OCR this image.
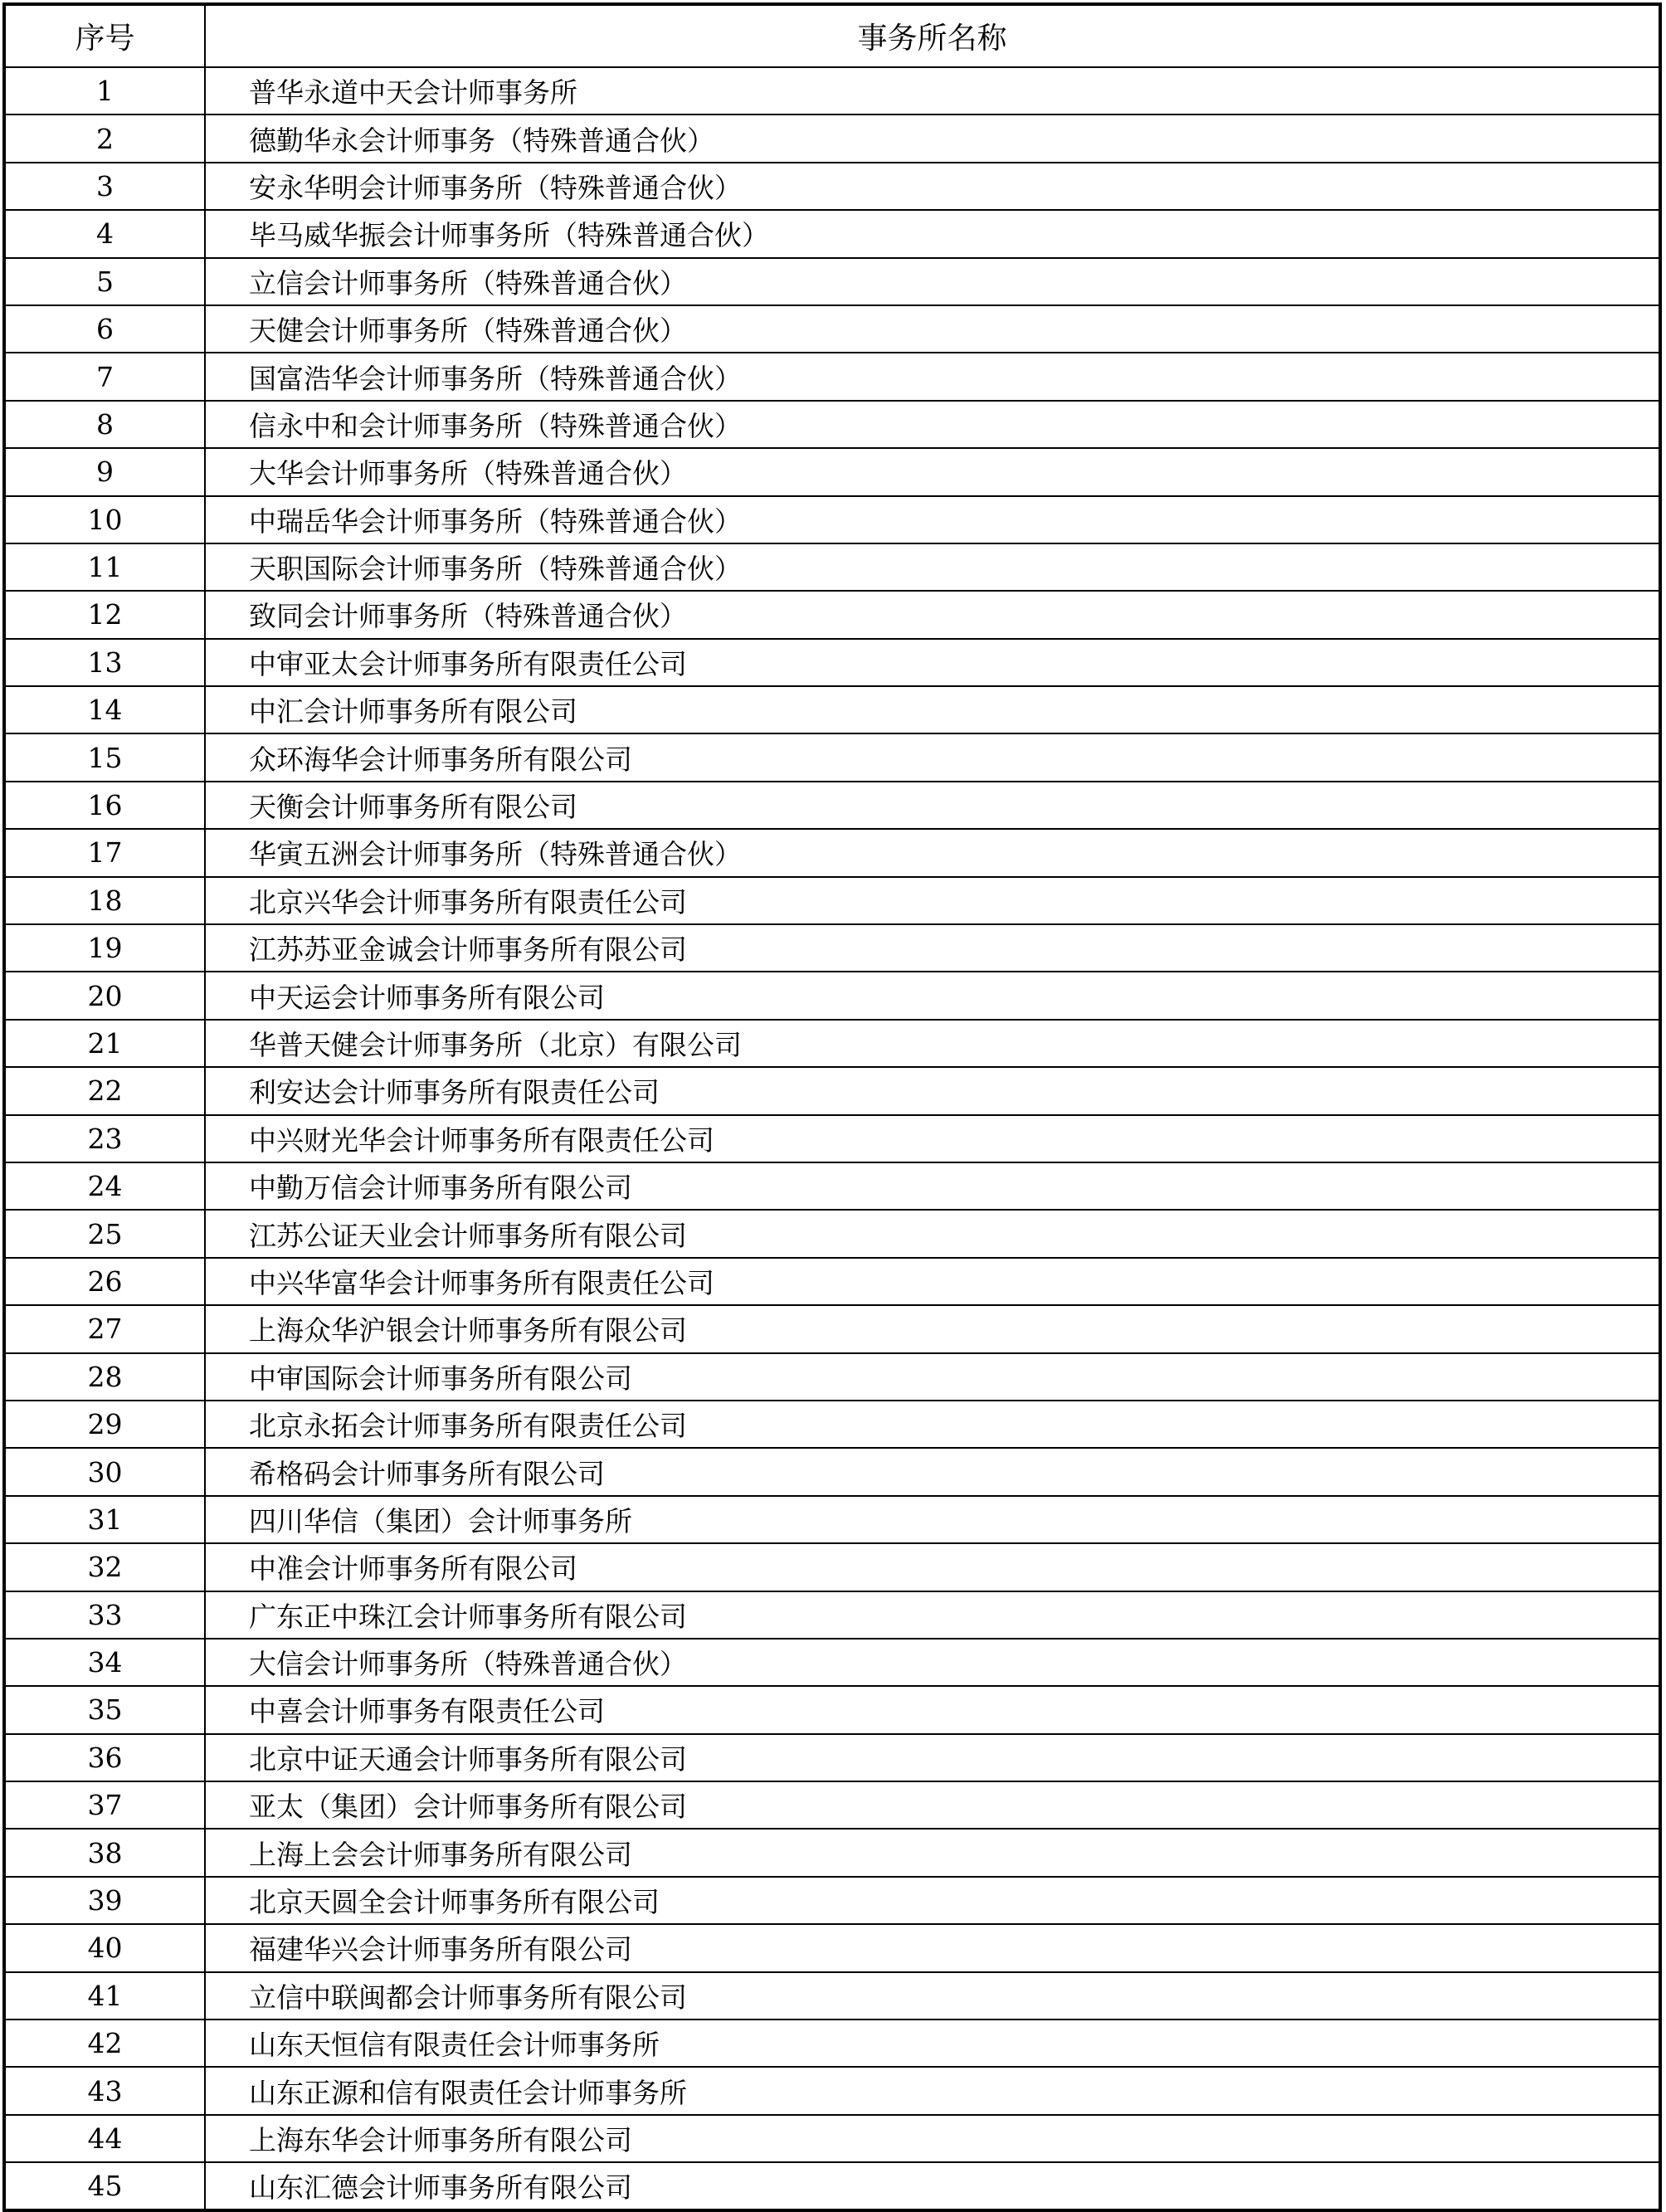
序号	事务所名称
1	普华永道中天会计师事务所
2	德勤华永会计师事务（特殊普通合伙）
3	安永华明会计师事务所（特殊普通合伙）
4	毕马威华振会计师事务所（特殊普通合伙）
5	立信会计师事务所（特殊普通合伙）
6	天健会计师事务所（特殊普通合伙）
7	国富浩华会计师事务所（特殊普通合伙）
8	信永中和会计师事务所（特殊普通合伙）
9	大华会计师事务所（特殊普通合伙）
10	中瑞岳华会计师事务所（特殊普通合伙）
11	天职国际会计师事务所（特殊普通合伙）
12	致同会计师事务所（特殊普通合伙）
13	中审亚太会计师事务所有限责任公司
14	中汇会计师事务所有限公司
15	众环海华会计师事务所有限公司
16	天衡会计师事务所有限公司
17	华寅五洲会计师事务所（特殊普通合伙）
18	北京兴华会计师事务所有限责任公司
19	江苏苏亚金诚会计师事务所有限公司
20	中天运会计师事务所有限公司
21	华普天健会计师事务所（北京）有限公司
22	利安达会计师事务所有限责任公司
23	中兴财光华会计师事务所有限责任公司
24	中勤万信会计师事务所有限公司
25	江苏公证天业会计师事务所有限公司
26	中兴华富华会计师事务所有限责任公司
27	上海众华沪银会计师事务所有限公司
28	中审国际会计师事务所有限公司
29	北京永拓会计师事务所有限责任公司
30	希格码会计师事务所有限公司
31	四川华信（集团）会计师事务所
32	中准会计师事务所有限公司
33	广东正中珠江会计师事务所有限公司
34	大信会计师事务所（特殊普通合伙）
35	中喜会计师事务有限责任公司
36	北京中证天通会计师事务所有限公司
37	亚太（集团）会计师事务所有限公司
38	上海上会会计师事务所有限公司
39	北京天圆全会计师事务所有限公司
40	福建华兴会计师事务所有限公司
41	立信中联闽都会计师事务所有限公司
42	山东天恒信有限责任会计师事务所
43	山东正源和信有限责任会计师事务所
44	上海东华会计师事务所有限公司
45	山东汇德会计师事务所有限公司
